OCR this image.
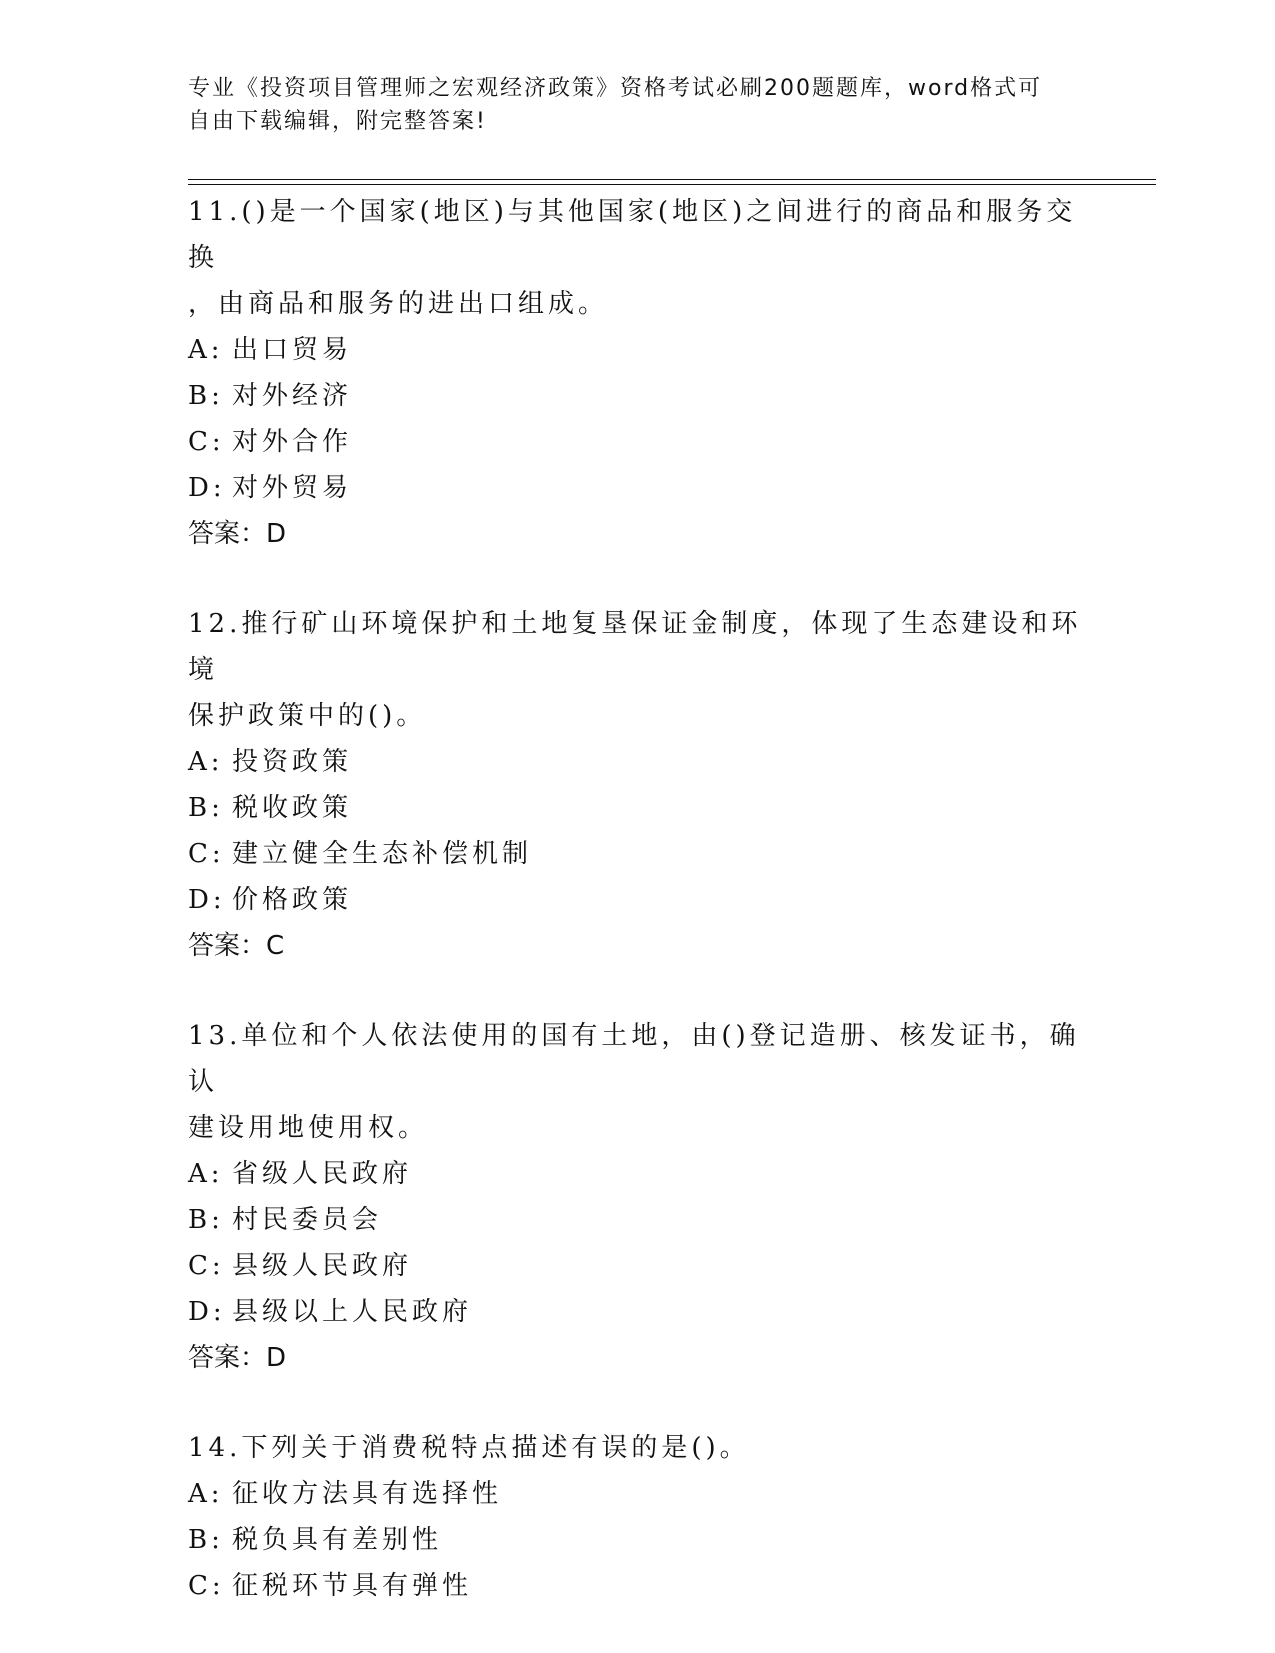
专业《投资项目管理师之宏观经济政策》资格考试必刷200题题库，word格式可
自由下载编辑，附完整答案!

11.()是一个国家(地区)与其他国家(地区)之间进行的商品和服务交换
，由商品和服务的进出口组成。

A: 出口贸易

B: 对外经济

C: 对外合作

D: 对外贸易

答案：D

12.推行矿山环境保护和土地复垦保证金制度，体现了生态建设和环境
保护政策中的()。

A: 投资政策

B: 税收政策

C: 建立健全生态补偿机制

D: 价格政策

答案：C

13.单位和个人依法使用的国有土地，由()登记造册、核发证书，确认
建设用地使用权。

A: 省级人民政府

B: 村民委员会

C: 县级人民政府

D: 县级以上人民政府

答案：D

14.下列关于消费税特点描述有误的是()。

A: 征收方法具有选择性

B: 税负具有差别性

C: 征税环节具有弹性
